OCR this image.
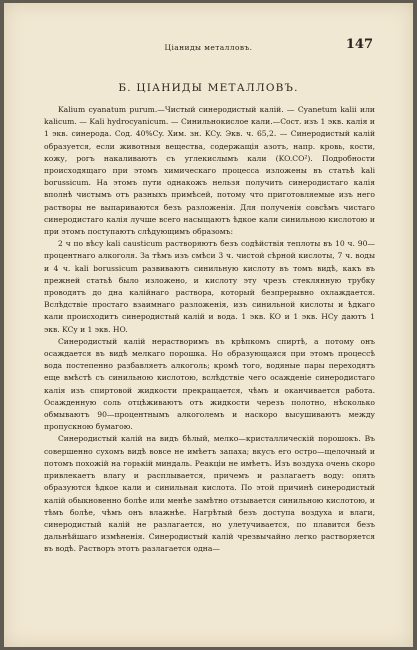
Цiaниды металловъ.	147
Б. ЦIАНИДЫ МЕТАЛЛОВЪ.

Kalium cyanatum purum.—Чистый синеродистый калiй. — Cyanetum kalii или kalicum. — Kali hydrocyanicum. — Синильнокислое кали.—Сост. изъ 1 экв. калiя и 1 экв. синерода. Сод. 40%Cy. Хим. зн. KCy. Экв. ч. 65,2. — Синеродистый калiй образуется, если животныя вещества, содержащiя азотъ, напр. кровь, кости, кожу, рогъ накаливаютъ съ углекислымъ кали (KO.CO²). Подробности происходящаго при этомъ химическаго процесса изложены въ статьѣ kali borussicum. На этомъ пути однакожъ нельзя получить синеродистаго калiя вполнѣ чистымъ отъ разныхъ примѣсей, потому что приготовляемые изъ него растворы не выпариваются безъ разложенiя. Для полученiя совсѣмъ чистаго синеродистаго калiя лучше всего насыщаютъ ѣдкое кали синильною кислотою и при этомъ поступаютъ слѣдующимъ образомъ:

2 ч по вѣсу kali causticum растворяютъ безъ содѣйствiя теплоты въ 10 ч. 90—процентнаго алкоголя. За тѣмъ изъ смѣси 3 ч. чистой сѣрной кислоты, 7 ч. воды и 4 ч. kali borussicum развиваютъ синильную кислоту въ томъ видѣ, какъ въ прежней статьѣ было изложено, и кислоту эту чрезъ стеклянную трубку проводятъ до дна калiйнаго раствора, который безпрерывно охлаждается. Вслѣдствiе простаго взаимнаго разложенiя, изъ синильной кислоты и ѣдкаго кали происходитъ синеродистый калiй и вода. 1 экв. KO и 1 экв. HCy даютъ 1 экв. KCy и 1 экв. HO.

Синеродистый калiй нерастворимъ въ крѣпкомъ спиртѣ, а потому онъ осаждается въ видѣ мелкаго порошка. Но образующаяся при этомъ процессѣ вода постепенно разбавляетъ алкоголь; кромѣ того, водяные пары переходятъ еще вмѣстѣ съ синильною кислотою, вслѣдствiе чего осажденiе синеродистаго калiя изъ спиртовой жидкости прекращается, чѣмъ и оканчивается работа. Осажденную соль отцѣживаютъ отъ жидкости черезъ полотно, нѣсколько обмываютъ 90—процентнымъ алкоголемъ и наскоро высушиваютъ между пропускною бумагою.

Синеродистый калiй на видъ бѣлый, мелко—кристаллическiй порошокъ. Въ совершенно сухомъ видѣ вовсе не имѣетъ запаха; вкусъ его остро—щелочный и потомъ похожiй на горькiй миндаль. Реакцiи не имѣетъ. Изъ воздуха очень скоро привлекаетъ влагу и расплывается, причемъ и разлагаетъ воду: опять образуются ѣдкое кали и синильная кислота. По этой причинѣ синеродистый калiй обыкновенно болѣе или менѣе замѣтно отзывается синильною кислотою, и тѣмъ болѣе, чѣмъ онъ влажнѣе. Нагрѣтый безъ доступа воздуха и влаги, синеродистый калiй не разлагается, но улетучивается, по плавится безъ дальнѣйшаго измѣненiя. Синеродистый калiй чрезвычайно легко растворяется въ водѣ. Растворъ этотъ разлагается одна—
